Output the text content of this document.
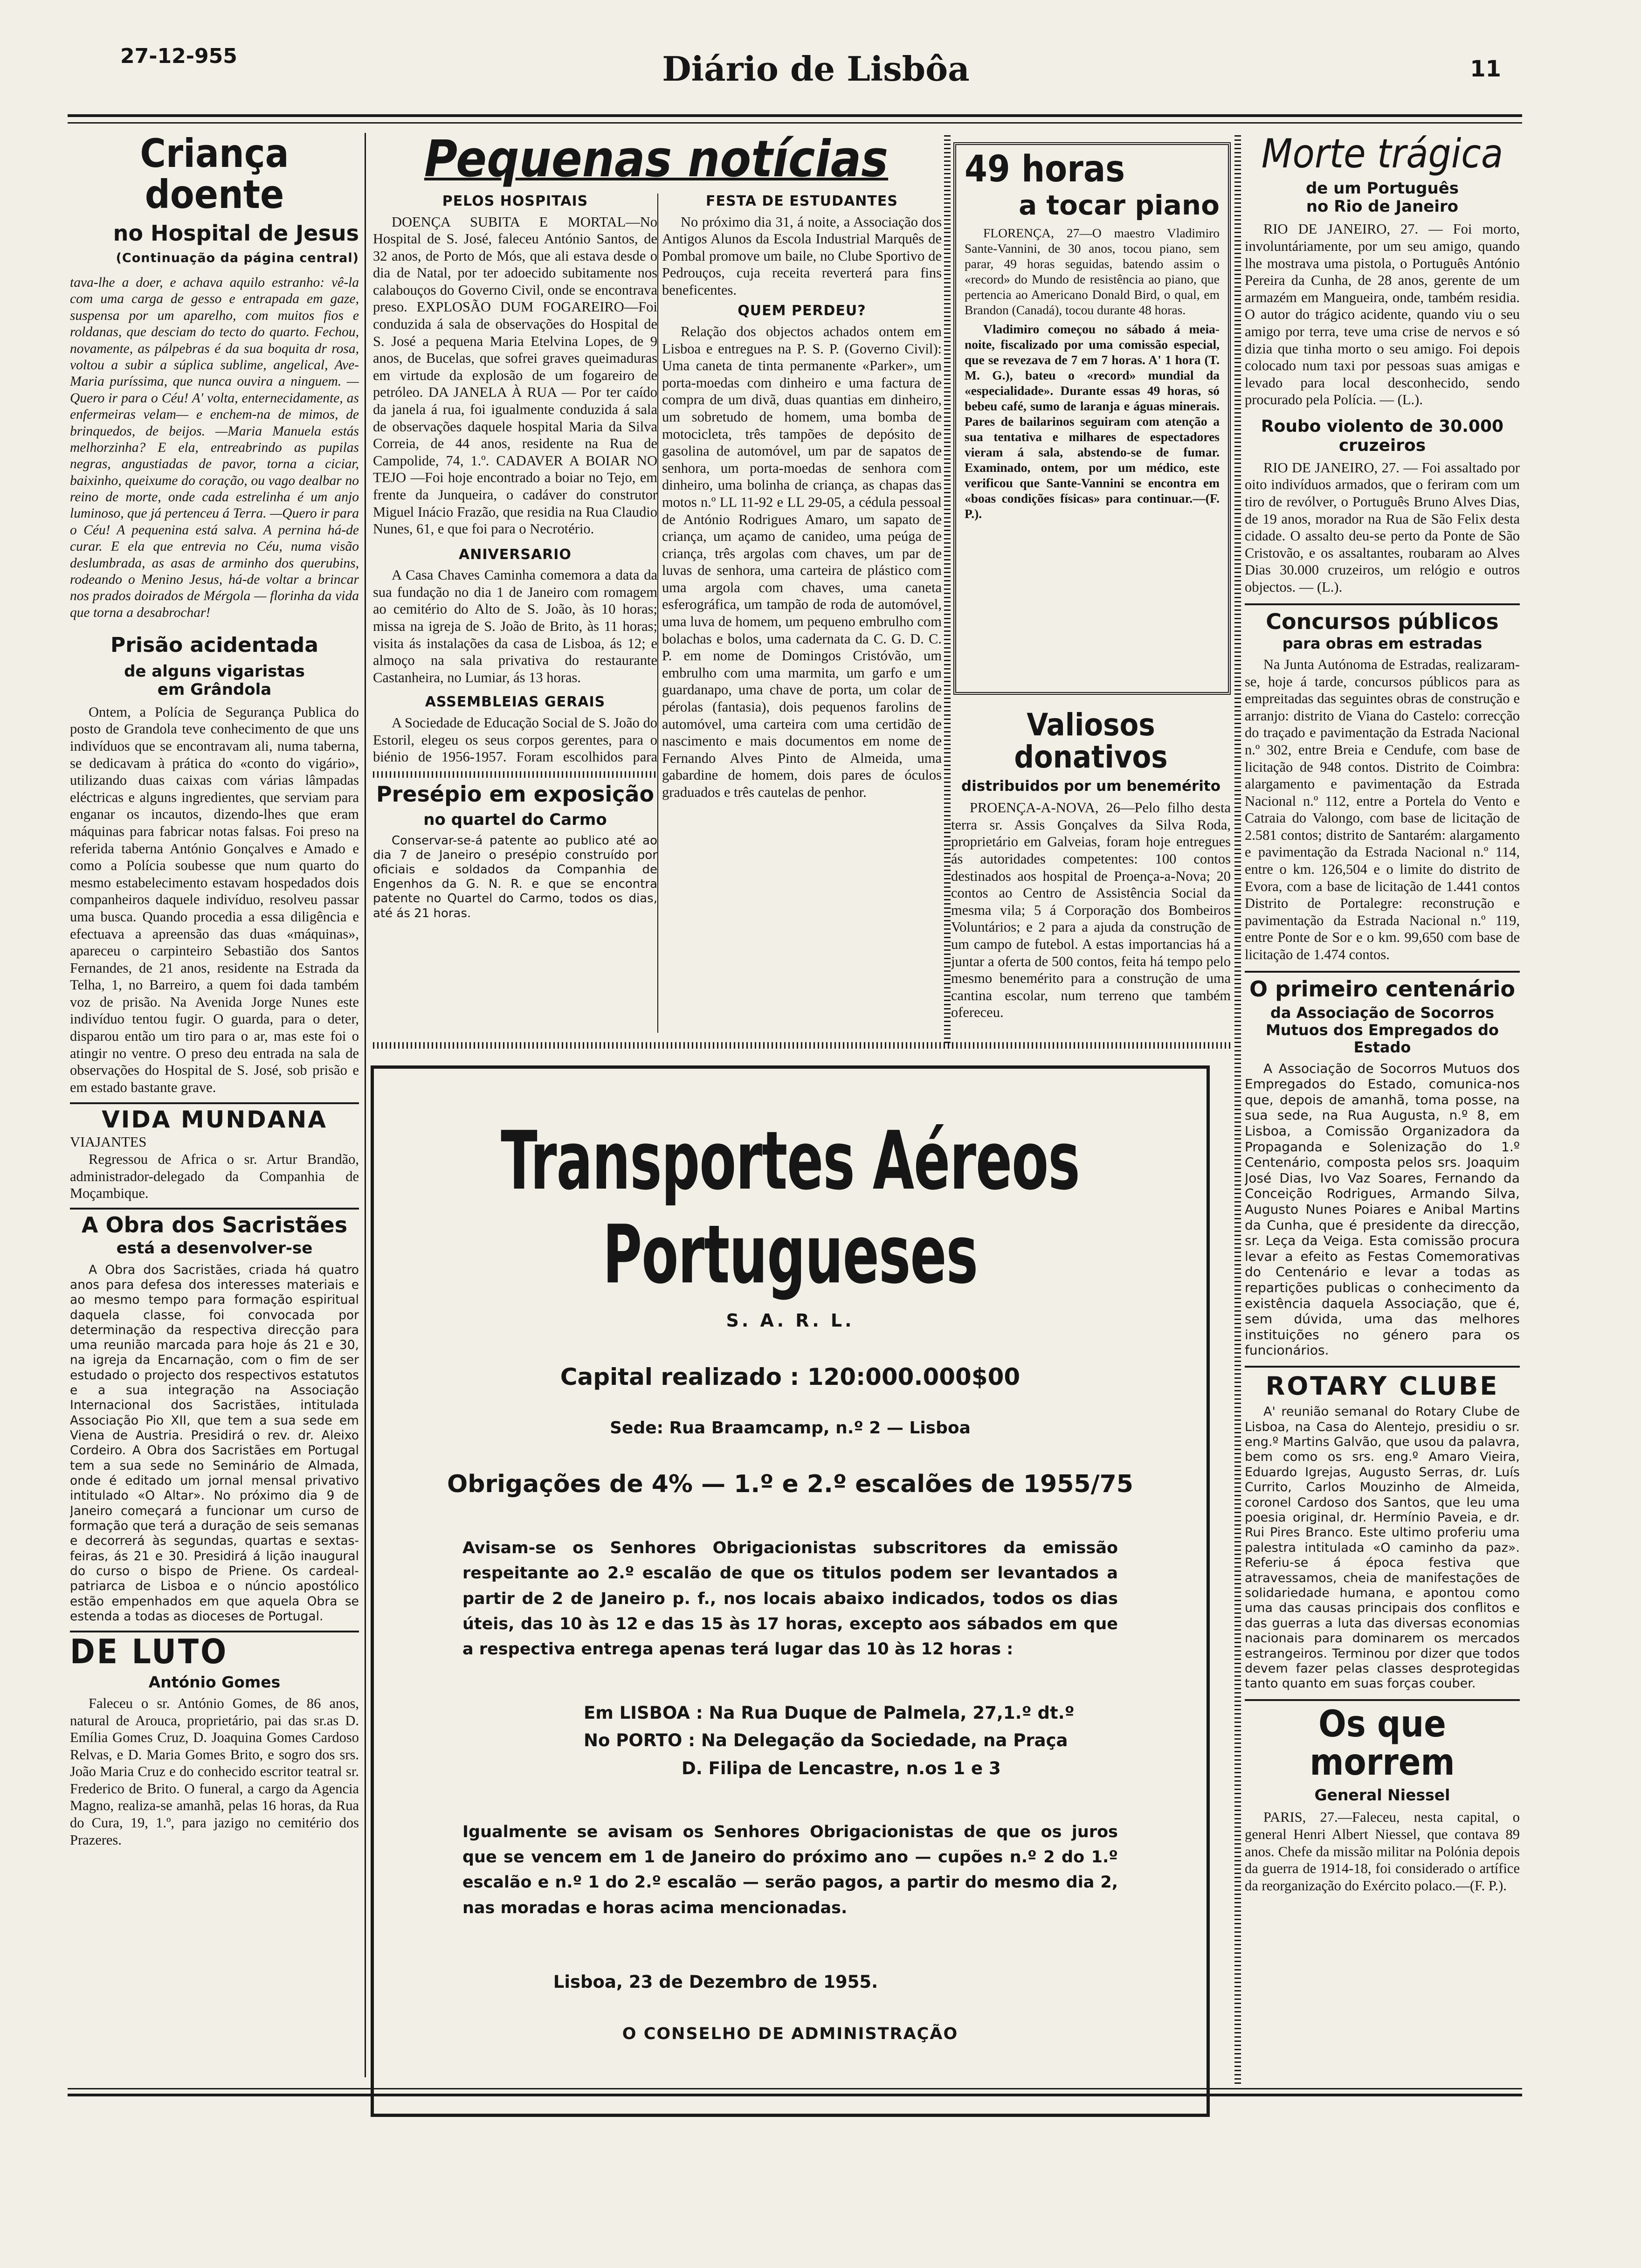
27-12-955	Diário de Lisbôa	11
Criança doente
no Hospital de Jesus
(Continuação da página central)
tava-lhe a doer, e achava aquilo estranho: vê-la com uma carga de gesso e entrapada em gaze, suspensa por um aparelho, com muitos fios e roldanas, que desciam do tecto do quarto. Fechou, novamente, as pálpebras é da sua boquita dr rosa, voltou a subir a súplica sublime, angelical, Ave-Maria puríssima, que nunca ouvira a ninguem. —Quero ir para o Céu! A' volta, enternecidamente, as enfermeiras velam— e enchem-na de mimos, de brinquedos, de beijos. —Maria Manuela estás melhorzinha? E ela, entreabrindo as pupilas negras, angustiadas de pavor, torna a ciciar, baixinho, queixume do coração, ou vago dealbar no reino de morte, onde cada estrelinha é um anjo luminoso, que já pertenceu á Terra. —Quero ir para o Céu! A pequenina está salva. A pernina há-de curar. E ela que entrevia no Céu, numa visão deslumbrada, as asas de arminho dos querubins, rodeando o Menino Jesus, há-de voltar a brincar nos prados doirados de Mérgola — florinha da vida que torna a desabrochar!
Prisão acidentada
de alguns vigaristas
em Grândola
Ontem, a Polícia de Segurança Publica do posto de Grandola teve conhecimento de que uns indivíduos que se encontravam ali, numa taberna, se dedicavam à prática do «conto do vigário», utilizando duas caixas com várias lâmpadas eléctricas e alguns ingredientes, que serviam para enganar os incautos, dizendo-lhes que eram máquinas para fabricar notas falsas. Foi preso na referida taberna António Gonçalves e Amado e como a Polícia soubesse que num quarto do mesmo estabelecimento estavam hospedados dois companheiros daquele indivíduo, resolveu passar uma busca. Quando procedia a essa diligência e efectuava a apreensão das duas «máquinas», apareceu o carpinteiro Sebastião dos Santos Fernandes, de 21 anos, residente na Estrada da Telha, 1, no Barreiro, a quem foi dada também voz de prisão. Na Avenida Jorge Nunes este indivíduo tentou fugir. O guarda, para o deter, disparou então um tiro para o ar, mas este foi o atingir no ventre. O preso deu entrada na sala de observações do Hospital de S. José, sob prisão e em estado bastante grave.
VIDA MUNDANA
VIAJANTES
Regressou de Africa o sr. Artur Brandão, administrador-delegado da Companhia de Moçambique.
A Obra dos Sacristães
está a desenvolver-se
A Obra dos Sacristães, criada há quatro anos para defesa dos interesses materiais e ao mesmo tempo para formação espiritual daquela classe, foi convocada por determinação da respectiva direcção para uma reunião marcada para hoje ás 21 e 30, na igreja da Encarnação, com o fim de ser estudado o projecto dos respectivos estatutos e a sua integração na Associação Internacional dos Sacristães, intitulada Associação Pio XII, que tem a sua sede em Viena de Austria. Presidirá o rev. dr. Aleixo Cordeiro. A Obra dos Sacristães em Portugal tem a sua sede no Seminário de Almada, onde é editado um jornal mensal privativo intitulado «O Altar». No próximo dia 9 de Janeiro começará a funcionar um curso de formação que terá a duração de seis semanas e decorrerá às segundas, quartas e sextas-feiras, ás 21 e 30. Presidirá á lição inaugural do curso o bispo de Priene. Os cardeal-patriarca de Lisboa e o núncio apostólico estão empenhados em que aquela Obra se estenda a todas as dioceses de Portugal.
DE LUTO
António Gomes
Faleceu o sr. António Gomes, de 86 anos, natural de Arouca, proprietário, pai das sr.as D. Emília Gomes Cruz, D. Joaquina Gomes Cardoso Relvas, e D. Maria Gomes Brito, e sogro dos srs. João Maria Cruz e do conhecido escritor teatral sr. Frederico de Brito. O funeral, a cargo da Agencia Magno, realiza-se amanhã, pelas 16 horas, da Rua do Cura, 19, 1.º, para jazigo no cemitério dos Prazeres.
Pequenas notícias
PELOS HOSPITAIS
DOENÇA SUBITA E MORTAL—No Hospital de S. José, faleceu António Santos, de 32 anos, de Porto de Mós, que ali estava desde o dia de Natal, por ter adoecido subitamente nos calabouços do Governo Civil, onde se encontrava preso. EXPLOSÃO DUM FOGAREIRO—Foi conduzida á sala de observações do Hospital de S. José a pequena Maria Etelvina Lopes, de 9 anos, de Bucelas, que sofrei graves queimaduras em virtude da explosão de um fogareiro de petróleo. DA JANELA À RUA — Por ter caído da janela á rua, foi igualmente conduzida á sala de observações daquele hospital Maria da Silva Correia, de 44 anos, residente na Rua de Campolide, 74, 1.º. CADAVER A BOIAR NO TEJO —Foi hoje encontrado a boiar no Tejo, em frente da Junqueira, o cadáver do construtor Miguel Inácio Frazão, que residia na Rua Claudio Nunes, 61, e que foi para o Necrotério.
ANIVERSARIO
A Casa Chaves Caminha comemora a data da sua fundação no dia 1 de Janeiro com romagem ao cemitério do Alto de S. João, às 10 horas; missa na igreja de S. João de Brito, às 11 horas; visita ás instalações da casa de Lisboa, ás 12; e almoço na sala privativa do restaurante Castanheira, no Lumiar, ás 13 horas.
ASSEMBLEIAS GERAIS
A Sociedade de Educação Social de S. João do Estoril, elegeu os seus corpos gerentes, para o biénio de 1956-1957. Foram escolhidos para
Presépio em exposição
no quartel do Carmo
Conservar-se-á patente ao publico até ao dia 7 de Janeiro o presépio construído por oficiais e soldados da Companhia de Engenhos da G. N. R. e que se encontra patente no Quartel do Carmo, todos os dias, até ás 21 horas.
FESTA DE ESTUDANTES
No próximo dia 31, á noite, a Associação dos Antigos Alunos da Escola Industrial Marquês de Pombal promove um baile, no Clube Sportivo de Pedrouços, cuja receita reverterá para fins beneficentes.
QUEM PERDEU?
Relação dos objectos achados ontem em Lisboa e entregues na P. S. P. (Governo Civil): Uma caneta de tinta permanente «Parker», um porta-moedas com dinheiro e uma factura de compra de um divã, duas quantias em dinheiro, um sobretudo de homem, uma bomba de motocicleta, três tampões de depósito de gasolina de automóvel, um par de sapatos de senhora, um porta-moedas de senhora com dinheiro, uma bolinha de criança, as chapas das motos n.º LL 11-92 e LL 29-05, a cédula pessoal de António Rodrigues Amaro, um sapato de criança, um açamo de canideo, uma peúga de criança, três argolas com chaves, um par de luvas de senhora, uma carteira de plástico com uma argola com chaves, uma caneta esferográfica, um tampão de roda de automóvel, uma luva de homem, um pequeno embrulho com bolachas e bolos, uma cadernata da C. G. D. C. P. em nome de Domingos Cristóvão, um embrulho com uma marmita, um garfo e um guardanapo, uma chave de porta, um colar de pérolas (fantasia), dois pequenos farolins de automóvel, uma carteira com uma certidão de nascimento e mais documentos em nome de Fernando Alves Pinto de Almeida, uma gabardine de homem, dois pares de óculos graduados e três cautelas de penhor.
49 horas
a tocar piano
FLORENÇA, 27—O maestro Vladimiro Sante-Vannini, de 30 anos, tocou piano, sem parar, 49 horas seguidas, batendo assim o «record» do Mundo de resistência ao piano, que pertencia ao Americano Donald Bird, o qual, em Brandon (Canadá), tocou durante 48 horas.
Vladimiro começou no sábado á meia-noite, fiscalizado por uma comissão especial, que se revezava de 7 em 7 horas. A' 1 hora (T. M. G.), bateu o «record» mundial da «especialidade». Durante essas 49 horas, só bebeu café, sumo de laranja e águas minerais. Pares de bailarinos seguiram com atenção a sua tentativa e milhares de espectadores vieram á sala, abstendo-se de fumar. Examinado, ontem, por um médico, este verificou que Sante-Vannini se encontra em «boas condições físicas» para continuar.—(F. P.).
Valiosos donativos
distribuidos por um benemérito
PROENÇA-A-NOVA, 26—Pelo filho desta terra sr. Assis Gonçalves da Silva Roda, proprietário em Galveias, foram hoje entregues ás autoridades competentes: 100 contos destinados aos hospital de Proença-a-Nova; 20 contos ao Centro de Assistência Social da mesma vila; 5 á Corporação dos Bombeiros Voluntários; e 2 para a ajuda da construção de um campo de futebol. A estas importancias há a juntar a oferta de 500 contos, feita há tempo pelo mesmo benemérito para a construção de uma cantina escolar, num terreno que também ofereceu.
Morte trágica
de um Português
no Rio de Janeiro
RIO DE JANEIRO, 27. — Foi morto, involuntáriamente, por um seu amigo, quando lhe mostrava uma pistola, o Português António Pereira da Cunha, de 28 anos, gerente de um armazém em Mangueira, onde, também residia. O autor do trágico acidente, quando viu o seu amigo por terra, teve uma crise de nervos e só dizia que tinha morto o seu amigo. Foi depois colocado num taxi por pessoas suas amigas e levado para local desconhecido, sendo procurado pela Polícia. — (L.).
Roubo violento de 30.000
cruzeiros
RIO DE JANEIRO, 27. — Foi assaltado por oito indivíduos armados, que o feriram com um tiro de revólver, o Português Bruno Alves Dias, de 19 anos, morador na Rua de São Felix desta cidade. O assalto deu-se perto da Ponte de São Cristovão, e os assaltantes, roubaram ao Alves Dias 30.000 cruzeiros, um relógio e outros objectos. — (L.).
Concursos públicos
para obras em estradas
Na Junta Autónoma de Estradas, realizaram-se, hoje á tarde, concursos públicos para as empreitadas das seguintes obras de construção e arranjo: distrito de Viana do Castelo: correcção do traçado e pavimentação da Estrada Nacional n.º 302, entre Breia e Cendufe, com base de licitação de 948 contos. Distrito de Coimbra: alargamento e pavimentação da Estrada Nacional n.º 112, entre a Portela do Vento e Catraia do Valongo, com base de licitação de 2.581 contos; distrito de Santarém: alargamento e pavimentação da Estrada Nacional n.º 114, entre o km. 126,504 e o limite do distrito de Evora, com a base de licitação de 1.441 contos Distrito de Portalegre: reconstrução e pavimentação da Estrada Nacional n.º 119, entre Ponte de Sor e o km. 99,650 com base de licitação de 1.474 contos.
O primeiro centenário
da Associação de Socorros Mutuos dos Empregados do Estado
A Associação de Socorros Mutuos dos Empregados do Estado, comunica-nos que, depois de amanhã, toma posse, na sua sede, na Rua Augusta, n.º 8, em Lisboa, a Comissão Organizadora da Propaganda e Solenização do 1.º Centenário, composta pelos srs. Joaquim José Dias, Ivo Vaz Soares, Fernando da Conceição Rodrigues, Armando Silva, Augusto Nunes Poiares e Anibal Martins da Cunha, que é presidente da direcção, sr. Leça da Veiga. Esta comissão procura levar a efeito as Festas Comemorativas do Centenário e levar a todas as repartições publicas o conhecimento da existência daquela Associação, que é, sem dúvida, uma das melhores instituições no género para os funcionários.
ROTARY CLUBE
A' reunião semanal do Rotary Clube de Lisboa, na Casa do Alentejo, presidiu o sr. eng.º Martins Galvão, que usou da palavra, bem como os srs. eng.º Amaro Vieira, Eduardo Igrejas, Augusto Serras, dr. Luís Currito, Carlos Mouzinho de Almeida, coronel Cardoso dos Santos, que leu uma poesia original, dr. Hermínio Paveia, e dr. Rui Pires Branco. Este ultimo proferiu uma palestra intitulada «O caminho da paz». Referiu-se á época festiva que atravessamos, cheia de manifestações de solidariedade humana, e apontou como uma das causas principais dos conflitos e das guerras a luta das diversas economias nacionais para dominarem os mercados estrangeiros. Terminou por dizer que todos devem fazer pelas classes desprotegidas tanto quanto em suas forças couber.
Os que morrem
General Niessel
PARIS, 27.—Faleceu, nesta capital, o general Henri Albert Niessel, que contava 89 anos. Chefe da missão militar na Polónia depois da guerra de 1914-18, foi considerado o artífice da reorganização do Exército polaco.—(F. P.).
Transportes Aéreos Portugueses
S. A. R. L.
Capital realizado : 120:000.000$00
Sede: Rua Braamcamp, n.º 2 — Lisboa
Obrigações de 4% — 1.º e 2.º escalões de 1955/75
Avisam-se os Senhores Obrigacionistas subscritores da emissão respeitante ao 2.º escalão de que os titulos podem ser levantados a partir de 2 de Janeiro p. f., nos locais abaixo indicados, todos os dias úteis, das 10 às 12 e das 15 às 17 horas, excepto aos sábados em que a respectiva entrega apenas terá lugar das 10 às 12 horas :
Em LISBOA : Na Rua Duque de Palmela, 27,1.º dt.º
No PORTO : Na Delegação da Sociedade, na Praça
D. Filipa de Lencastre, n.os 1 e 3
Igualmente se avisam os Senhores Obrigacionistas de que os juros que se vencem em 1 de Janeiro do próximo ano — cupões n.º 2 do 1.º escalão e n.º 1 do 2.º escalão — serão pagos, a partir do mesmo dia 2, nas moradas e horas acima mencionadas.
Lisboa, 23 de Dezembro de 1955.
O CONSELHO DE ADMINISTRAÇÃO
